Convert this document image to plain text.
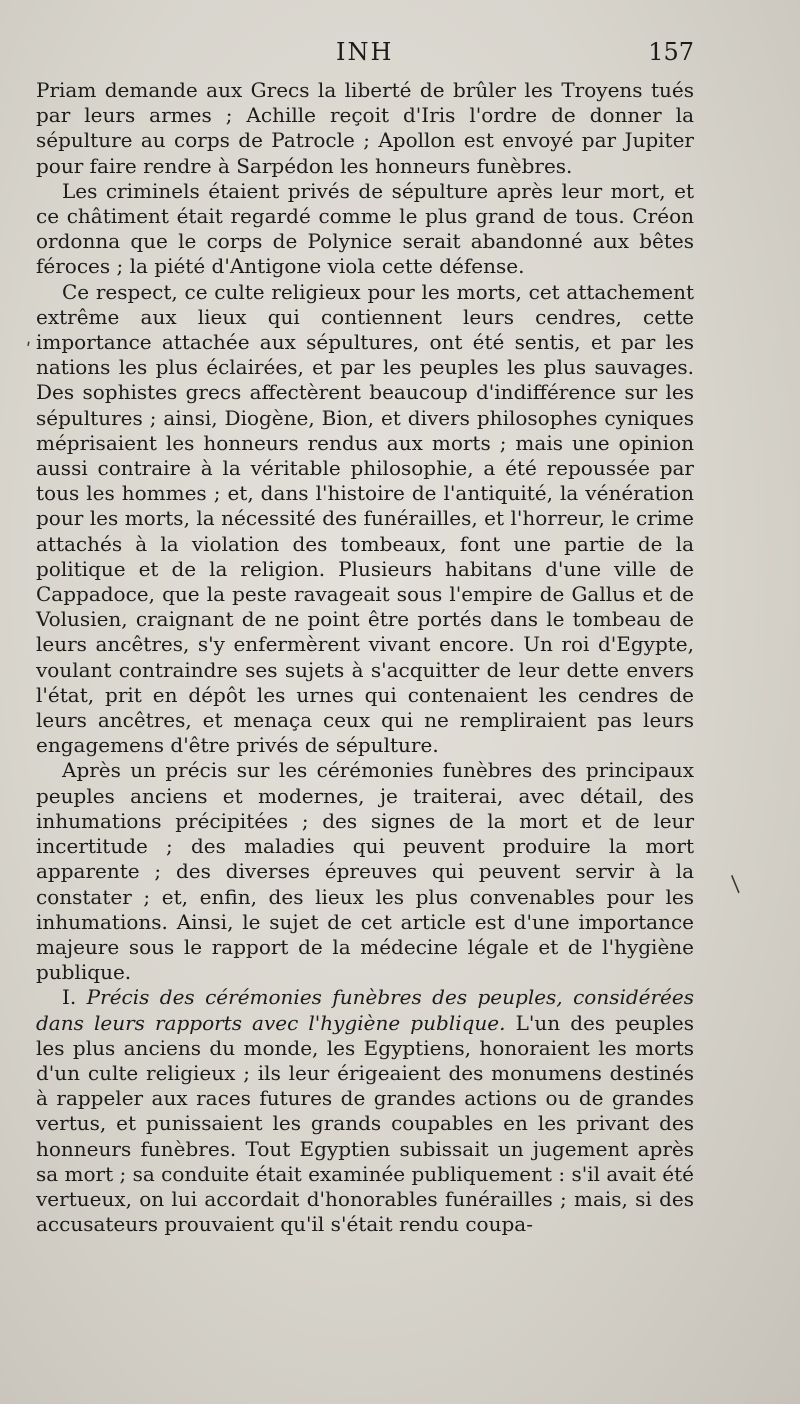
INH	157

Priam demande aux Grecs la liberté de brûler les Troyens tués par leurs armes ; Achille reçoit d'Iris l'ordre de donner la sépulture au corps de Patrocle ; Apollon est envoyé par Jupiter pour faire rendre à Sarpédon les honneurs funèbres.

Les criminels étaient privés de sépulture après leur mort, et ce châtiment était regardé comme le plus grand de tous. Créon ordonna que le corps de Polynice serait abandonné aux bêtes féroces ; la piété d'Antigone viola cette défense.

Ce respect, ce culte religieux pour les morts, cet attachement extrême aux lieux qui contiennent leurs cendres, cette importance attachée aux sépultures, ont été sentis, et par les nations les plus éclairées, et par les peuples les plus sauvages. Des sophistes grecs affectèrent beaucoup d'indifférence sur les sépultures ; ainsi, Diogène, Bion, et divers philosophes cyniques méprisaient les honneurs rendus aux morts ; mais une opinion aussi contraire à la véritable philosophie, a été repoussée par tous les hommes ; et, dans l'histoire de l'antiquité, la vénération pour les morts, la nécessité des funérailles, et l'horreur, le crime attachés à la violation des tombeaux, font une partie de la politique et de la religion. Plusieurs habitans d'une ville de Cappadoce, que la peste ravageait sous l'empire de Gallus et de Volusien, craignant de ne point être portés dans le tombeau de leurs ancêtres, s'y enfermèrent vivant encore. Un roi d'Egypte, voulant contraindre ses sujets à s'acquitter de leur dette envers l'état, prit en dépôt les urnes qui contenaient les cendres de leurs ancêtres, et menaça ceux qui ne rempliraient pas leurs engagemens d'être privés de sépulture.

Après un précis sur les cérémonies funèbres des principaux peuples anciens et modernes, je traiterai, avec détail, des inhumations précipitées ; des signes de la mort et de leur incertitude ; des maladies qui peuvent produire la mort apparente ; des diverses épreuves qui peuvent servir à la constater ; et, enfin, des lieux les plus convenables pour les inhumations. Ainsi, le sujet de cet article est d'une importance majeure sous le rapport de la médecine légale et de l'hygiène publique.

I. Précis des cérémonies funèbres des peuples, considérées dans leurs rapports avec l'hygiène publique. L'un des peuples les plus anciens du monde, les Egyptiens, honoraient les morts d'un culte religieux ; ils leur érigeaient des monumens destinés à rappeler aux races futures de grandes actions ou de grandes vertus, et punissaient les grands coupables en les privant des honneurs funèbres. Tout Egyptien subissait un jugement après sa mort ; sa conduite était examinée publiquement : s'il avait été vertueux, on lui accordait d'honorables funérailles ; mais, si des accusateurs prouvaient qu'il s'était rendu coupa-

ʹ
/
